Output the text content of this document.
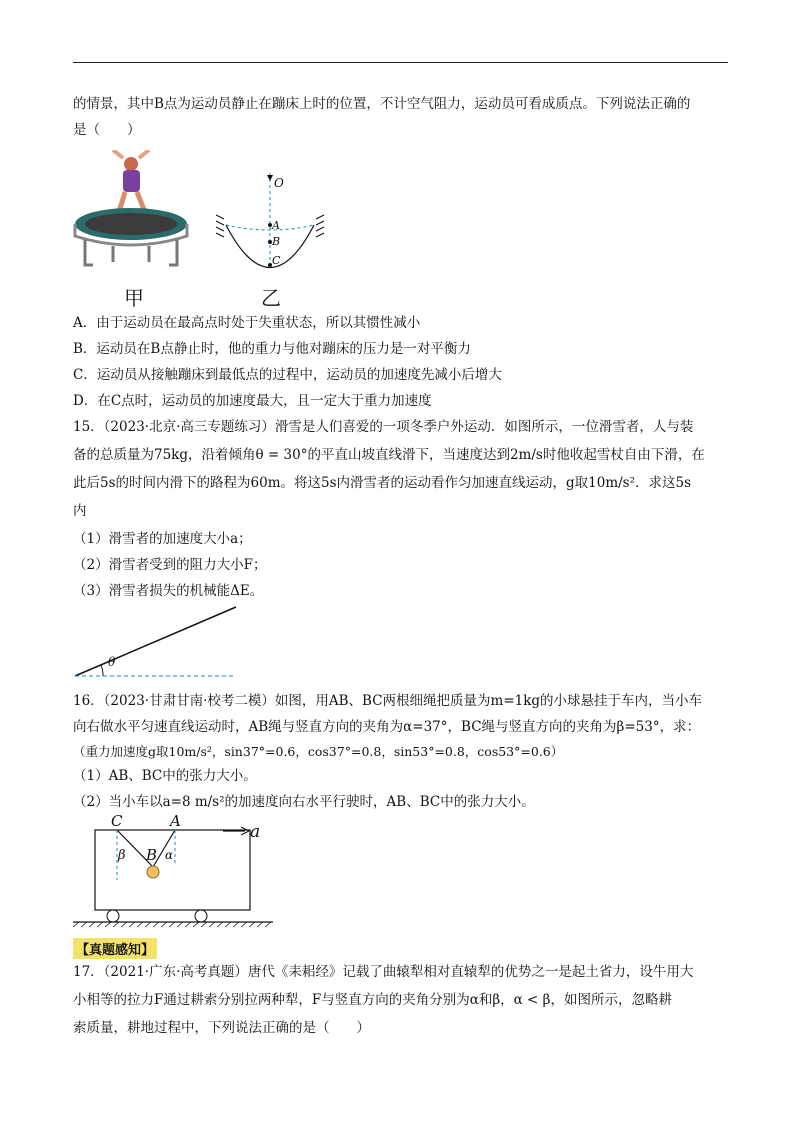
的情景，其中B点为运动员静止在蹦床上时的位置，不计空气阻力，运动员可看成质点。下列说法正确的
是（　　）
甲
O
A
B
C
乙
A．由于运动员在最高点时处于失重状态，所以其惯性减小
B．运动员在B点静止时，他的重力与他对蹦床的压力是一对平衡力
C．运动员从接触蹦床到最低点的过程中，运动员的加速度先减小后增大
D．在C点时，运动员的加速度最大，且一定大于重力加速度
15．（2023·北京·高三专题练习）滑雪是人们喜爱的一项冬季户外运动．如图所示，一位滑雪者，人与装
备的总质量为75kg，沿着倾角θ = 30°的平直山坡直线滑下，当速度达到2m/s时他收起雪杖自由下滑，在
此后5s的时间内滑下的路程为60m。将这5s内滑雪者的运动看作匀加速直线运动，g取10m/s²．求这5s
内
（1）滑雪者的加速度大小a；
（2）滑雪者受到的阻力大小F；
（3）滑雪者损失的机械能ΔE。
θ
16．（2023·甘肃甘南·校考二模）如图，用AB、BC两根细绳把质量为m=1kg的小球悬挂于车内，当小车
向右做水平匀速直线运动时，AB绳与竖直方向的夹角为α=37°，BC绳与竖直方向的夹角为β=53°，求：
（重力加速度g取10m/s²，sin37°=0.6，cos37°=0.8，sin53°=0.8，cos53°=0.6）
（1）AB、BC中的张力大小。
（2）当小车以a=8 m/s²的加速度向右水平行驶时，AB、BC中的张力大小。
C	A
B
β	α
a
【真题感知】
17．（2021·广东·高考真题）唐代《耒耜经》记载了曲辕犁相对直辕犁的优势之一是起土省力，设牛用大
小相等的拉力F通过耕索分别拉两种犁，F与竖直方向的夹角分别为α和β，α < β，如图所示，忽略耕
索质量，耕地过程中，下列说法正确的是（　　）
